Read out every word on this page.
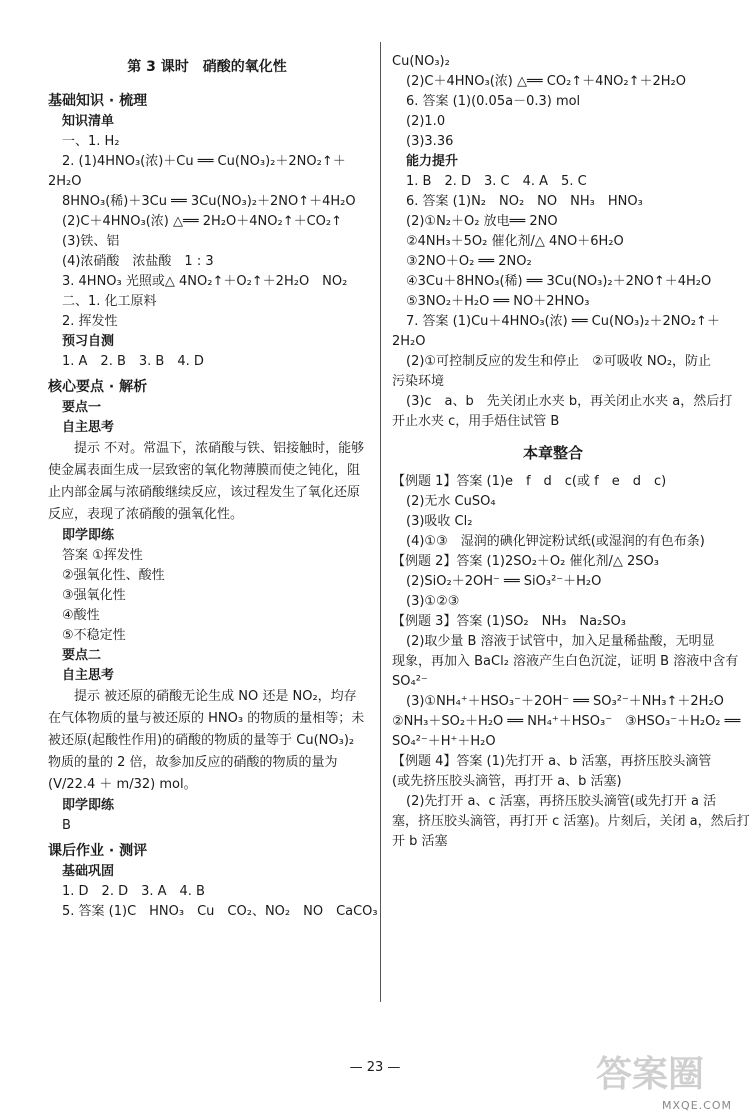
第 3 课时　硝酸的氧化性
基础知识 · 梳理
知识清单
一、1. H₂
2. (1)4HNO₃(浓)＋Cu ══ Cu(NO₃)₂＋2NO₂↑＋
2H₂O
8HNO₃(稀)＋3Cu ══ 3Cu(NO₃)₂＋2NO↑＋4H₂O
(2)C＋4HNO₃(浓) △══ 2H₂O＋4NO₂↑＋CO₂↑
(3)铁、铝
(4)浓硝酸　浓盐酸　1 : 3
3. 4HNO₃ 光照或△ 4NO₂↑＋O₂↑＋2H₂O　NO₂
二、1. 化工原料
2. 挥发性
预习自测
1. A　2. B　3. B　4. D
核心要点 · 解析
要点一
自主思考
提示 不对。常温下，浓硝酸与铁、铝接触时，能够使金属表面生成一层致密的氧化物薄膜而使之钝化，阻止内部金属与浓硝酸继续反应，该过程发生了氧化还原反应，表现了浓硝酸的强氧化性。
即学即练
答案 ①挥发性
②强氧化性、酸性
③强氧化性
④酸性
⑤不稳定性
要点二
自主思考
提示 被还原的硝酸无论生成 NO 还是 NO₂，均存在气体物质的量与被还原的 HNO₃ 的物质的量相等；未被还原(起酸性作用)的硝酸的物质的量等于 Cu(NO₃)₂ 物质的量的 2 倍，故参加反应的硝酸的物质的量为(V/22.4 ＋ m/32) mol。
即学即练
B
课后作业 · 测评
基础巩固
1. D　2. D　3. A　4. B
5. 答案 (1)C　HNO₃　Cu　CO₂、NO₂　NO　CaCO₃
Cu(NO₃)₂
(2)C＋4HNO₃(浓) △══ CO₂↑＋4NO₂↑＋2H₂O
6. 答案 (1)(0.05a－0.3) mol
(2)1.0
(3)3.36
能力提升
1. B　2. D　3. C　4. A　5. C
6. 答案 (1)N₂　NO₂　NO　NH₃　HNO₃
(2)①N₂＋O₂ 放电══ 2NO
②4NH₃＋5O₂ 催化剂/△ 4NO＋6H₂O
③2NO＋O₂ ══ 2NO₂
④3Cu＋8HNO₃(稀) ══ 3Cu(NO₃)₂＋2NO↑＋4H₂O
⑤3NO₂＋H₂O ══ NO＋2HNO₃
7. 答案 (1)Cu＋4HNO₃(浓) ══ Cu(NO₃)₂＋2NO₂↑＋
2H₂O
(2)①可控制反应的发生和停止　②可吸收 NO₂，防止
污染环境
(3)c　a、b　先关闭止水夹 b，再关闭止水夹 a，然后打
开止水夹 c，用手焐住试管 B
本章整合
【例题 1】答案 (1)e　f　d　c(或 f　e　d　c)
(2)无水 CuSO₄
(3)吸收 Cl₂
(4)①③　湿润的碘化钾淀粉试纸(或湿润的有色布条)
【例题 2】答案 (1)2SO₂＋O₂ 催化剂/△ 2SO₃
(2)SiO₂＋2OH⁻ ══ SiO₃²⁻＋H₂O
(3)①②③
【例题 3】答案 (1)SO₂　NH₃　Na₂SO₃
(2)取少量 B 溶液于试管中，加入足量稀盐酸，无明显
现象，再加入 BaCl₂ 溶液产生白色沉淀，证明 B 溶液中含有
SO₄²⁻
(3)①NH₄⁺＋HSO₃⁻＋2OH⁻ ══ SO₃²⁻＋NH₃↑＋2H₂O
②NH₃＋SO₂＋H₂O ══ NH₄⁺＋HSO₃⁻　③HSO₃⁻＋H₂O₂ ══
SO₄²⁻＋H⁺＋H₂O
【例题 4】答案 (1)先打开 a、b 活塞，再挤压胶头滴管
(或先挤压胶头滴管，再打开 a、b 活塞)
(2)先打开 a、c 活塞，再挤压胶头滴管(或先打开 a 活
塞，挤压胶头滴管，再打开 c 活塞)。片刻后，关闭 a，然后打
开 b 活塞
— 23 —	答案圈
MXQE.COM
